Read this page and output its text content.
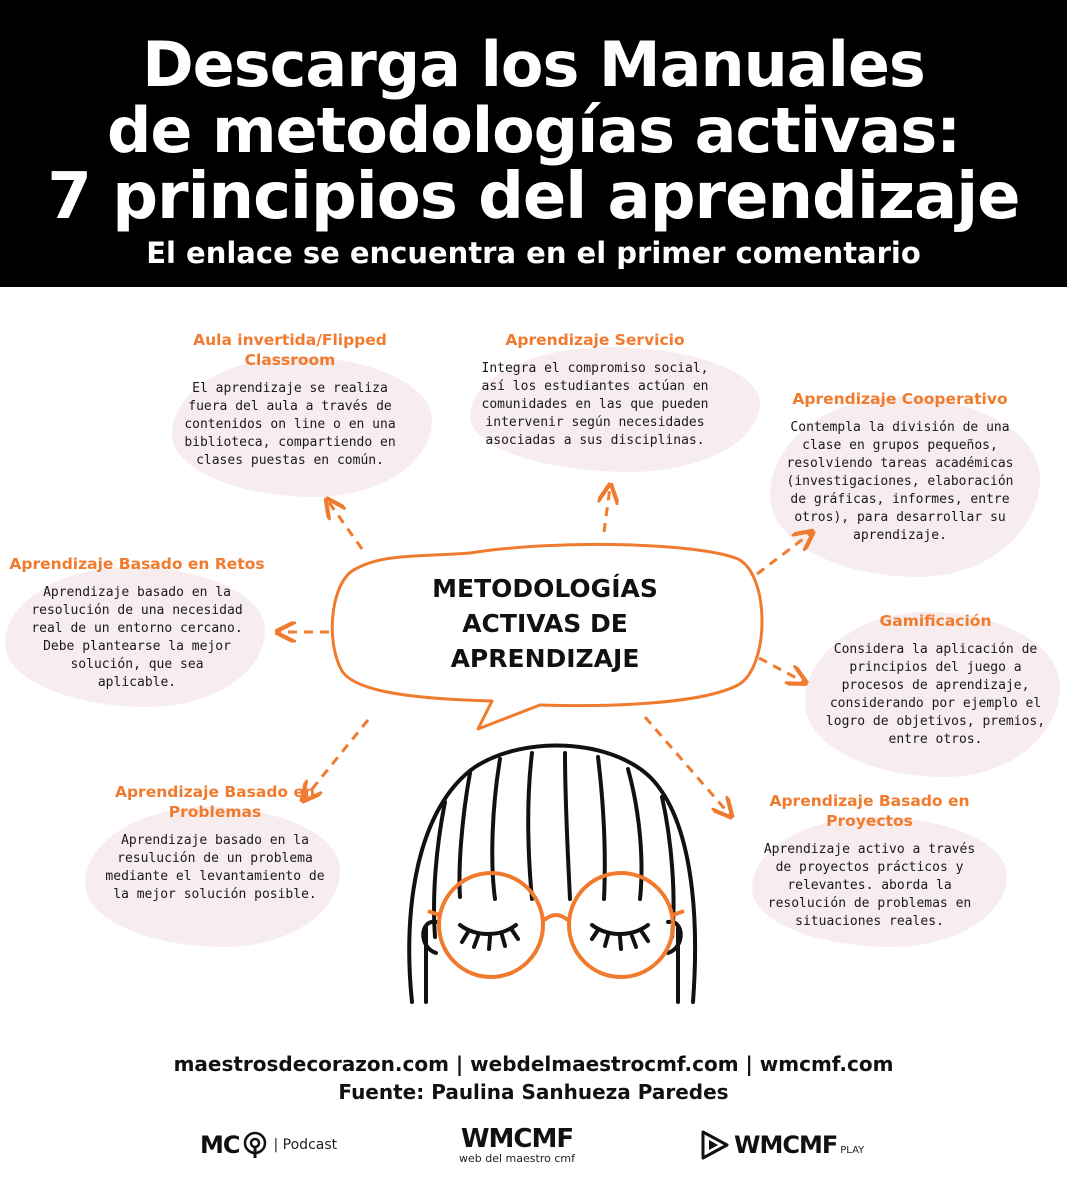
Descarga los Manuales
de metodologías activas:
7 principios del aprendizaje
El enlace se encuentra en el primer comentario
METODOLOGÍAS
ACTIVAS DE
APRENDIZAJE
Aula invertida/Flipped
Classroom
El aprendizaje se realiza
fuera del aula a través de
contenidos on line o en una
biblioteca, compartiendo en
clases puestas en común.
Aprendizaje Servicio
Integra el compromiso social,
así los estudiantes actúan en
comunidades en las que pueden
intervenir según necesidades
asociadas a sus disciplinas.
Aprendizaje Cooperativo
Contempla la división de una
clase en grupos pequeños,
resolviendo tareas académicas
(investigaciones, elaboración
de gráficas, informes, entre
otros), para desarrollar su
aprendizaje.
Aprendizaje Basado en Retos
Aprendizaje basado en la
resolución de una necesidad
real de un entorno cercano.
Debe plantearse la mejor
solución, que sea
aplicable.
Gamificación
Considera la aplicación de
principios del juego a
procesos de aprendizaje,
considerando por ejemplo el
logro de objetivos, premios,
entre otros.
Aprendizaje Basado en
Problemas
Aprendizaje basado en la
resulución de un problema
mediante el levantamiento de
la mejor solución posible.
Aprendizaje Basado en
Proyectos
Aprendizaje activo a través
de proyectos prácticos y
relevantes. aborda la
resolución de problemas en
situaciones reales.
maestrosdecorazon.com | webdelmaestrocmf.com | wmcmf.com
Fuente: Paulina Sanhueza Paredes
MC | Podcast	WMCMF
web del maestro cmf	WMCMF PLAY
